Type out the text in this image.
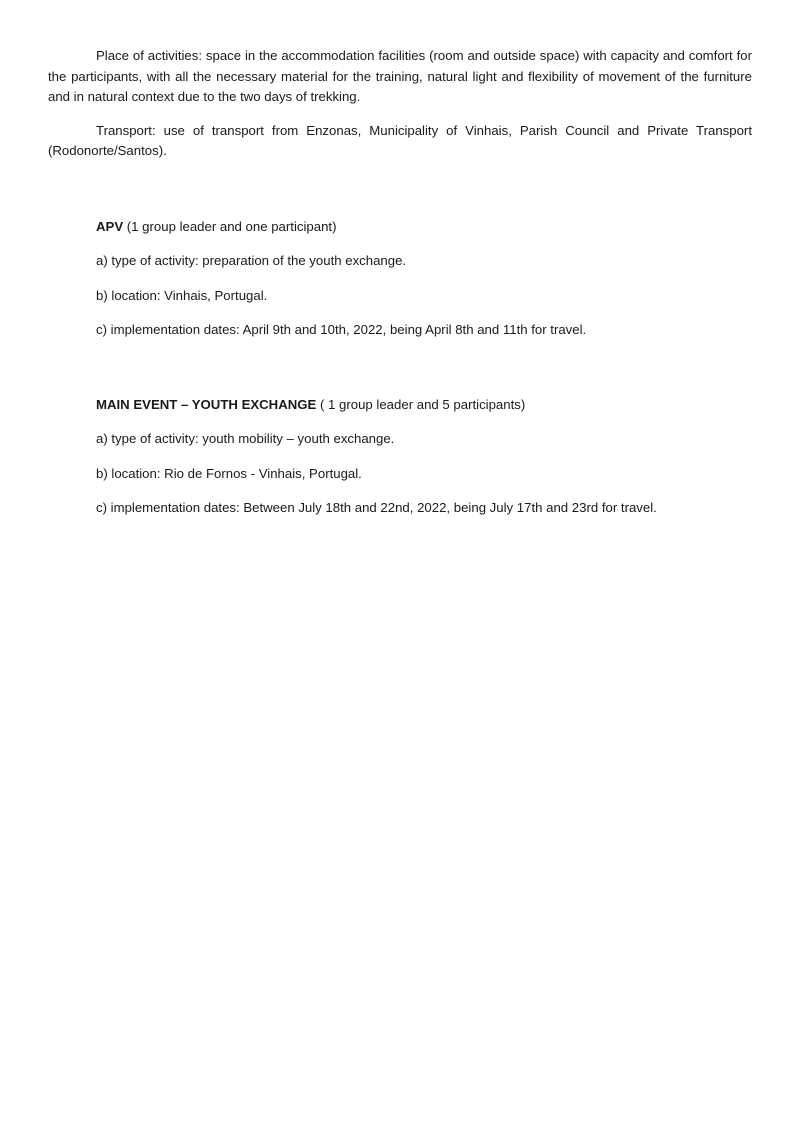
Place of activities: space in the accommodation facilities (room and outside space) with capacity and comfort for the participants, with all the necessary material for the training, natural light and flexibility of movement of the furniture and in natural context due to the two days of trekking.

Transport: use of transport from Enzonas, Municipality of Vinhais, Parish Council and Private Transport (Rodonorte/Santos).

APV (1 group leader and one participant)

a) type of activity: preparation of the youth exchange.

b) location: Vinhais, Portugal.

c) implementation dates: April 9th and 10th, 2022, being April 8th and 11th for travel.

MAIN EVENT – YOUTH EXCHANGE ( 1 group leader and 5 participants)

a) type of activity: youth mobility – youth exchange.

b) location: Rio de Fornos - Vinhais, Portugal.

c) implementation dates: Between July 18th and 22nd, 2022, being July 17th and 23rd for travel.
